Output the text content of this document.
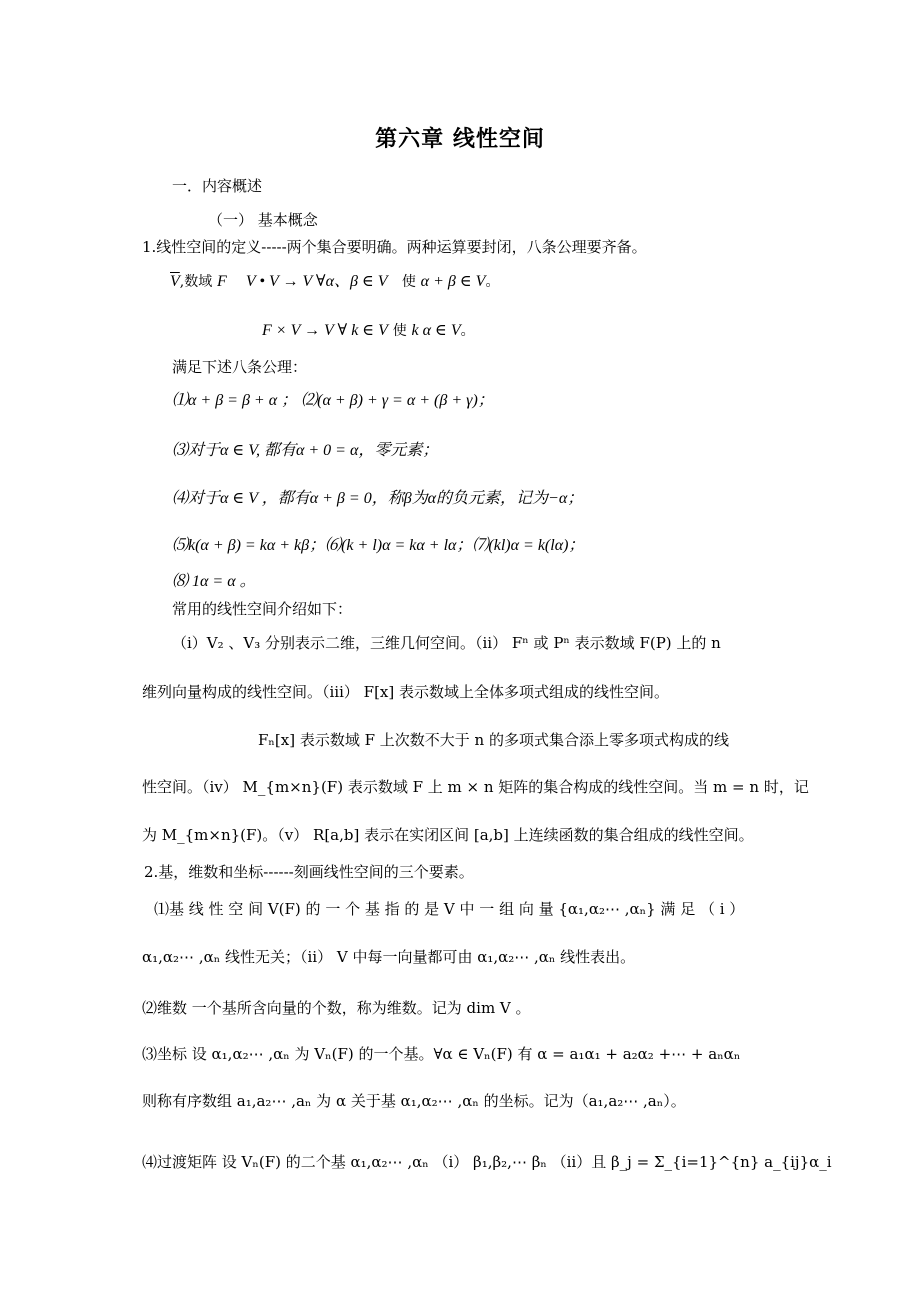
第六章 线性空间
一．内容概述
（一） 基本概念
1.线性空间的定义-----两个集合要明确。两种运算要封闭，八条公理要齐备。
$\overline{V}$,数域 F V • V → V ∀α、β ∈ V 使 α + β ∈ V。
F × V → V ∀ k ∈ V 使 k α ∈ V。
满足下述八条公理：
⑴α + β = β + α ； ⑵(α + β) + γ = α + (β + γ)；
⑶对于α ∈ V, 都有α + 0 = α，零元素；
⑷对于α ∈ V ，都有α + β = 0，称β为α的负元素，记为−α；
⑸k(α + β) = kα + kβ；⑹(k + l)α = kα + lα；⑺(kl)α = k(lα)；
⑻ 1α = α 。
常用的线性空间介绍如下：
（ⅰ）V₂ 、V₃ 分别表示二维，三维几何空间。（ⅱ） Fⁿ 或 Pⁿ 表示数域 F(P) 上的 n
维列向量构成的线性空间。（ⅲ） F[x] 表示数域上全体多项式组成的线性空间。
Fₙ[x] 表示数域 F 上次数不大于 n 的多项式集合添上零多项式构成的线
性空间。（ⅳ） M_{m×n}(F) 表示数域 F 上 m × n 矩阵的集合构成的线性空间。当 m = n 时，记
为 M_{m×n}(F)。（ⅴ） R[a,b] 表示在实闭区间 [a,b] 上连续函数的集合组成的线性空间。
2.基，维数和坐标------刻画线性空间的三个要素。
⑴基 线 性 空 间 V(F) 的 一 个 基 指 的 是 V 中 一 组 向 量 {α₁,α₂⋯ ,αₙ} 满 足 （ ⅰ ）
α₁,α₂⋯ ,αₙ 线性无关；（ⅱ） V 中每一向量都可由 α₁,α₂⋯ ,αₙ 线性表出。
⑵维数 一个基所含向量的个数，称为维数。记为 dim V 。
⑶坐标 设 α₁,α₂⋯ ,αₙ 为 Vₙ(F) 的一个基。∀α ∈ Vₙ(F) 有 α = a₁α₁ + a₂α₂ +⋯ + aₙαₙ
则称有序数组 a₁,a₂⋯ ,aₙ 为 α 关于基 α₁,α₂⋯ ,αₙ 的坐标。记为（a₁,a₂⋯ ,aₙ）。
⑷过渡矩阵 设 Vₙ(F) 的二个基 α₁,α₂⋯ ,αₙ （ⅰ） β₁,β₂,⋯ βₙ （ⅱ）且 β_j = Σ_{i=1}^{n} a_{ij}α_i
